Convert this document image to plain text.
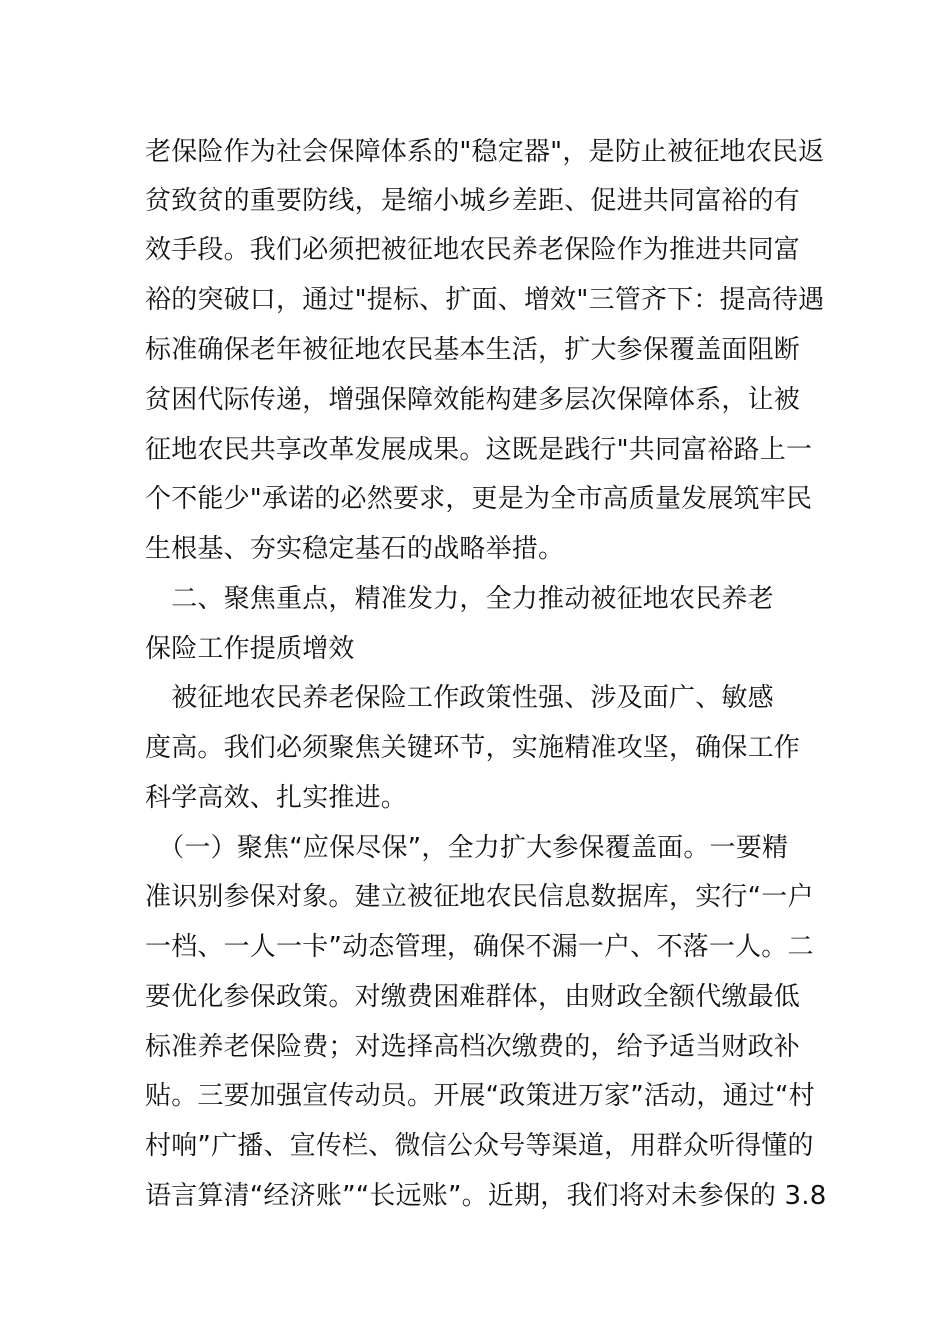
老保险作为社会保障体系的"稳定器"，是防止被征地农民返
贫致贫的重要防线，是缩小城乡差距、促进共同富裕的有
效手段。我们必须把被征地农民养老保险作为推进共同富
裕的突破口，通过"提标、扩面、增效"三管齐下：提高待遇
标准确保老年被征地农民基本生活，扩大参保覆盖面阻断
贫困代际传递，增强保障效能构建多层次保障体系，让被
征地农民共享改革发展成果。这既是践行"共同富裕路上一
个不能少"承诺的必然要求，更是为全市高质量发展筑牢民
生根基、夯实稳定基石的战略举措。
　二、聚焦重点，精准发力，全力推动被征地农民养老
保险工作提质增效
　被征地农民养老保险工作政策性强、涉及面广、敏感
度高。我们必须聚焦关键环节，实施精准攻坚，确保工作
科学高效、扎实推进。
　（一）聚焦“应保尽保”，全力扩大参保覆盖面。一要精
准识别参保对象。建立被征地农民信息数据库，实行“一户
一档、一人一卡”动态管理，确保不漏一户、不落一人。二
要优化参保政策。对缴费困难群体，由财政全额代缴最低
标准养老保险费；对选择高档次缴费的，给予适当财政补
贴。三要加强宣传动员。开展“政策进万家”活动，通过“村
村响”广播、宣传栏、微信公众号等渠道，用群众听得懂的
语言算清“经济账”“长远账”。近期，我们将对未参保的 3.8
